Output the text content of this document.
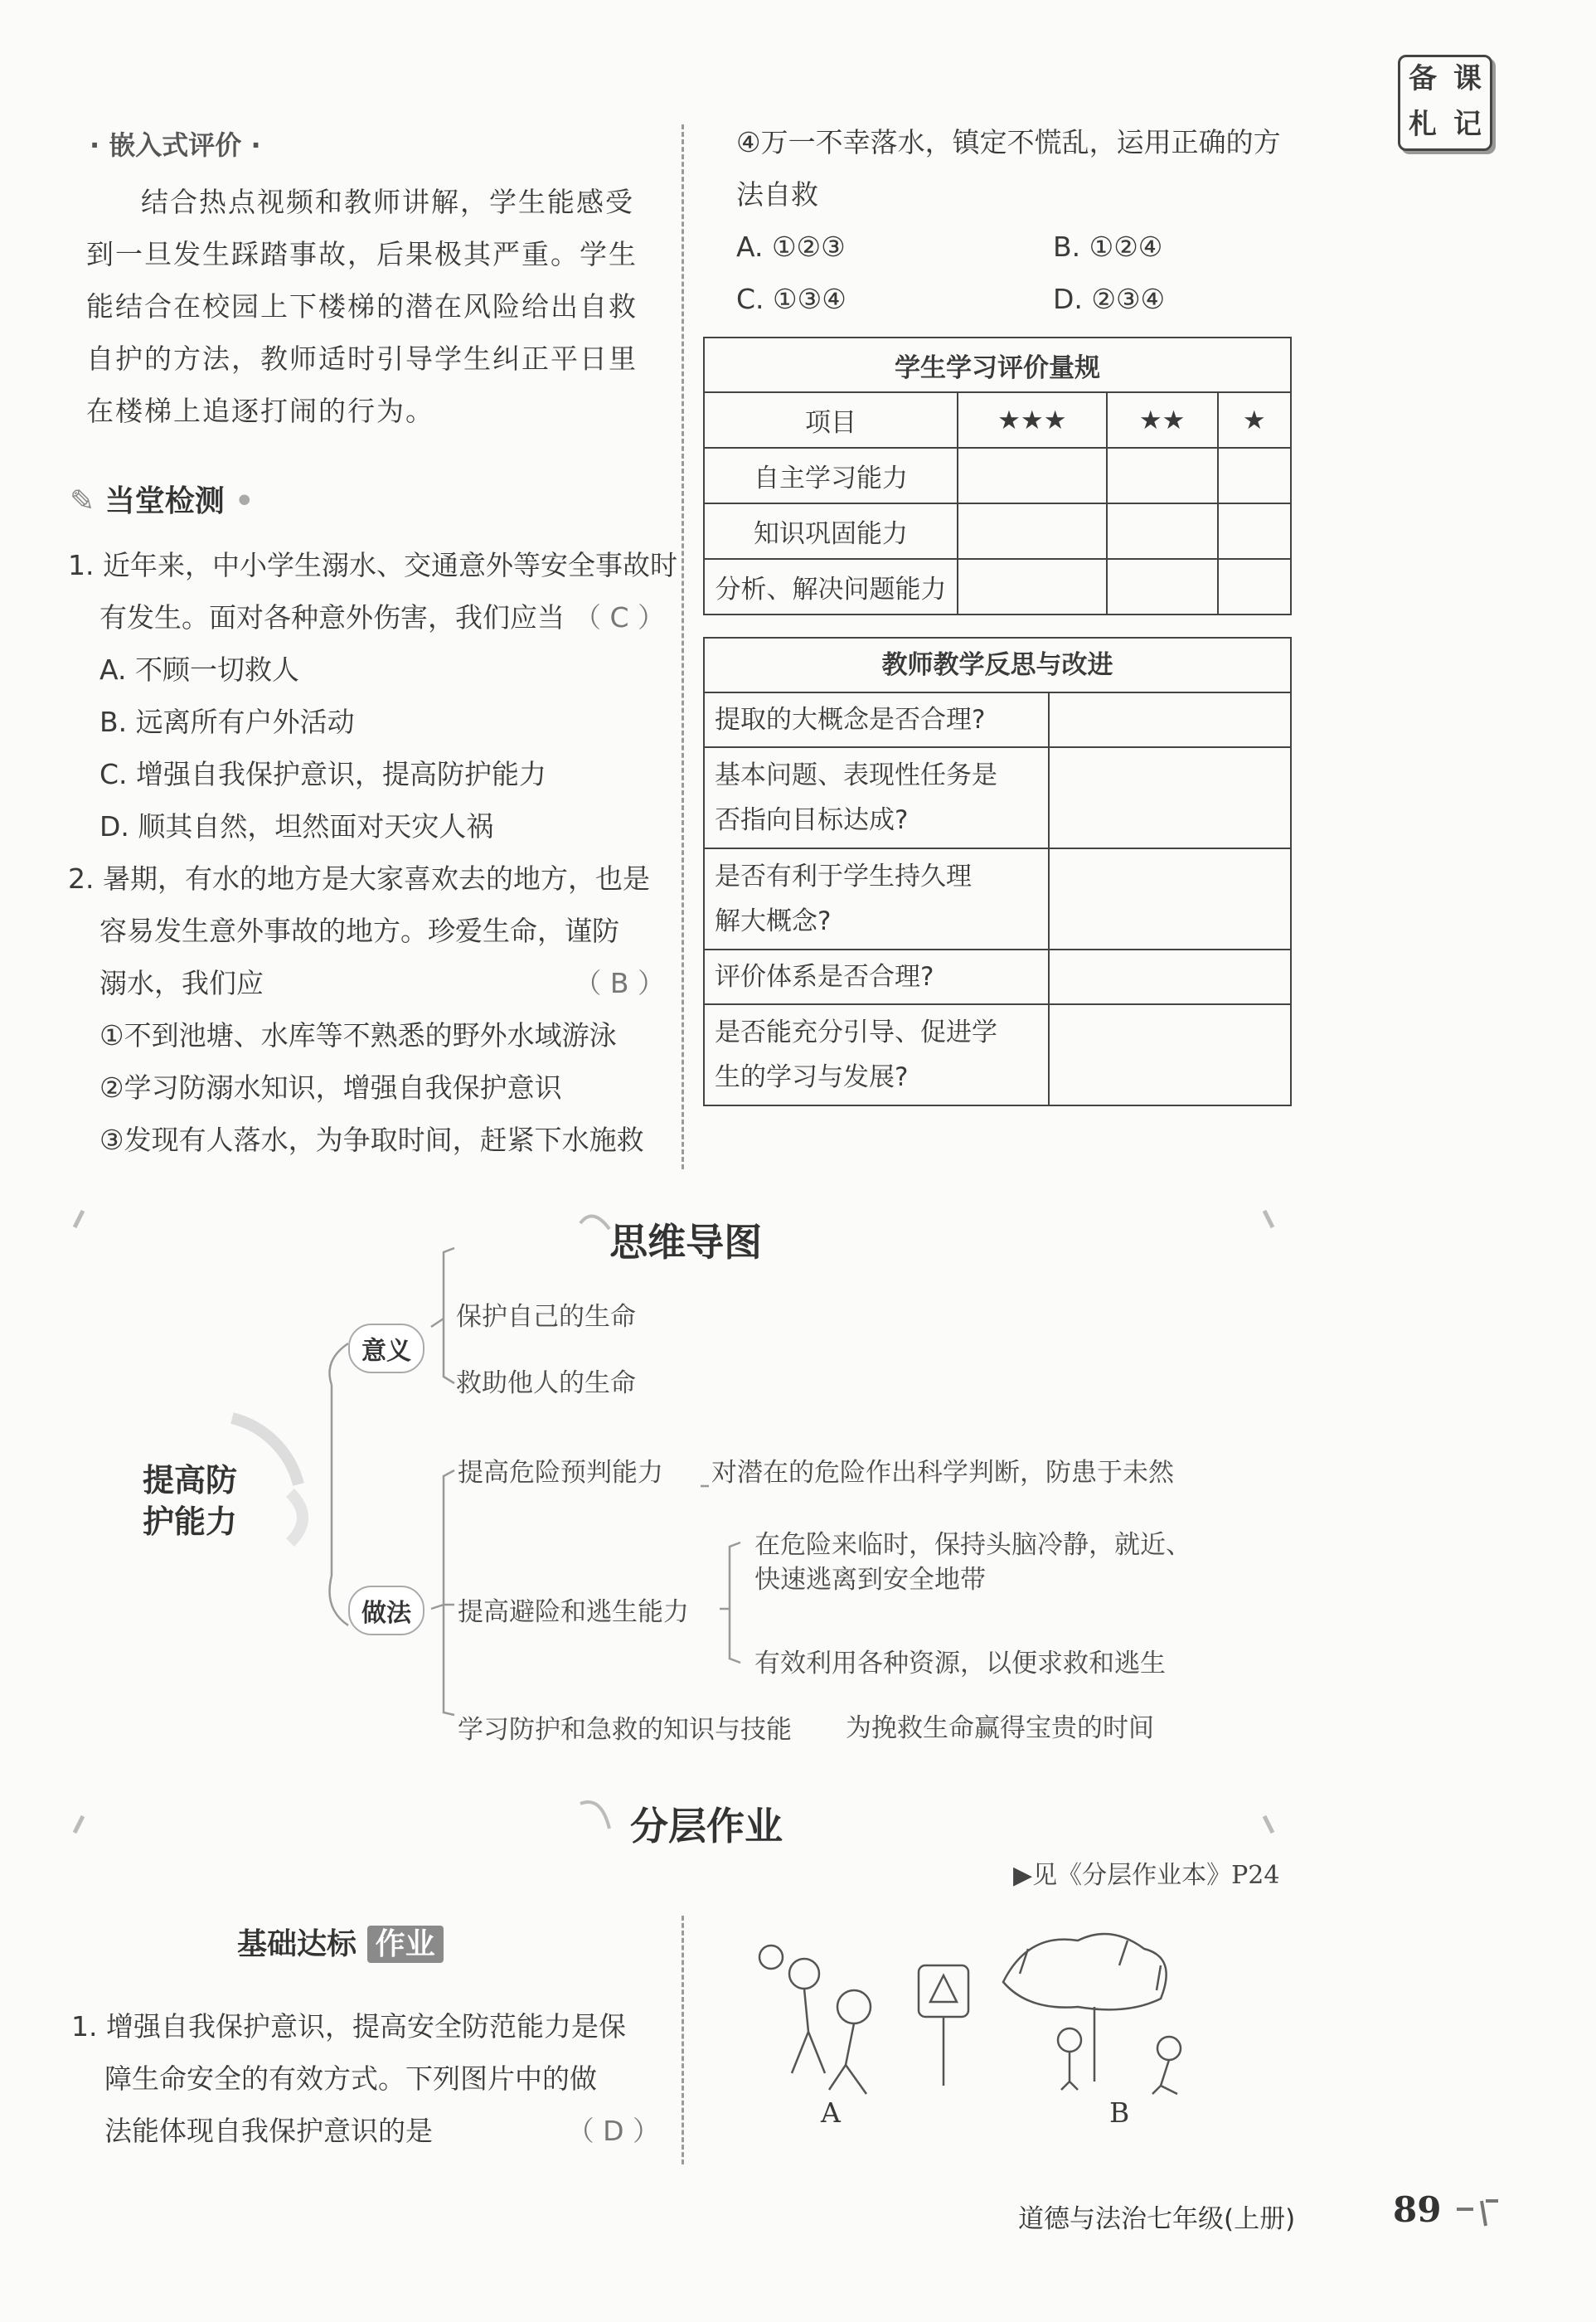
备 课
札 记
· 嵌入式评价 ·
结合热点视频和教师讲解，学生能感受
到一旦发生踩踏事故，后果极其严重。学生
能结合在校园上下楼梯的潜在风险给出自救
自护的方法，教师适时引导学生纠正平日里
在楼梯上追逐打闹的行为。
✎ 当堂检测 •
1. 近年来，中小学生溺水、交通意外等安全事故时
有发生。面对各种意外伤害，我们应当 （ C ）
A. 不顾一切救人
B. 远离所有户外活动
C. 增强自我保护意识，提高防护能力
D. 顺其自然，坦然面对天灾人祸
2. 暑期，有水的地方是大家喜欢去的地方，也是
容易发生意外事故的地方。珍爱生命，谨防
溺水，我们应	（ B ）
①不到池塘、水库等不熟悉的野外水域游泳
②学习防溺水知识，增强自我保护意识
③发现有人落水，为争取时间，赶紧下水施救
④万一不幸落水，镇定不慌乱，运用正确的方
法自救
A. ①②③	B. ①②④
C. ①③④	D. ②③④
学生学习评价量规			
项目	★★★	★★	★
自主学习能力			
知识巩固能力			
分析、解决问题能力			
教师教学反思与改进	
提取的大概念是否合理?	

基本问题、表现性任务是
否指向目标达成?	

是否有利于学生持久理
解大概念?	

评价体系是否合理?	

是否能充分引导、促进学
生的学习与发展?	

思维导图
提高防
护能力
意义
保护自己的生命
救助他人的生命
做法
提高危险预判能力 对潜在的危险作出科学判断，防患于未然
提高避险和逃生能力
在危险来临时，保持头脑冷静，就近、
快速逃离到安全地带
有效利用各种资源，以便求救和逃生
学习防护和急救的知识与技能 为挽救生命赢得宝贵的时间
分层作业
▶见《分层作业本》P24
基础达标 作业
1. 增强自我保护意识，提高安全防范能力是保
障生命安全的有效方式。下列图片中的做
法能体现自我保护意识的是	（ D ）
A	B
道德与法治七年级(上册)	89
